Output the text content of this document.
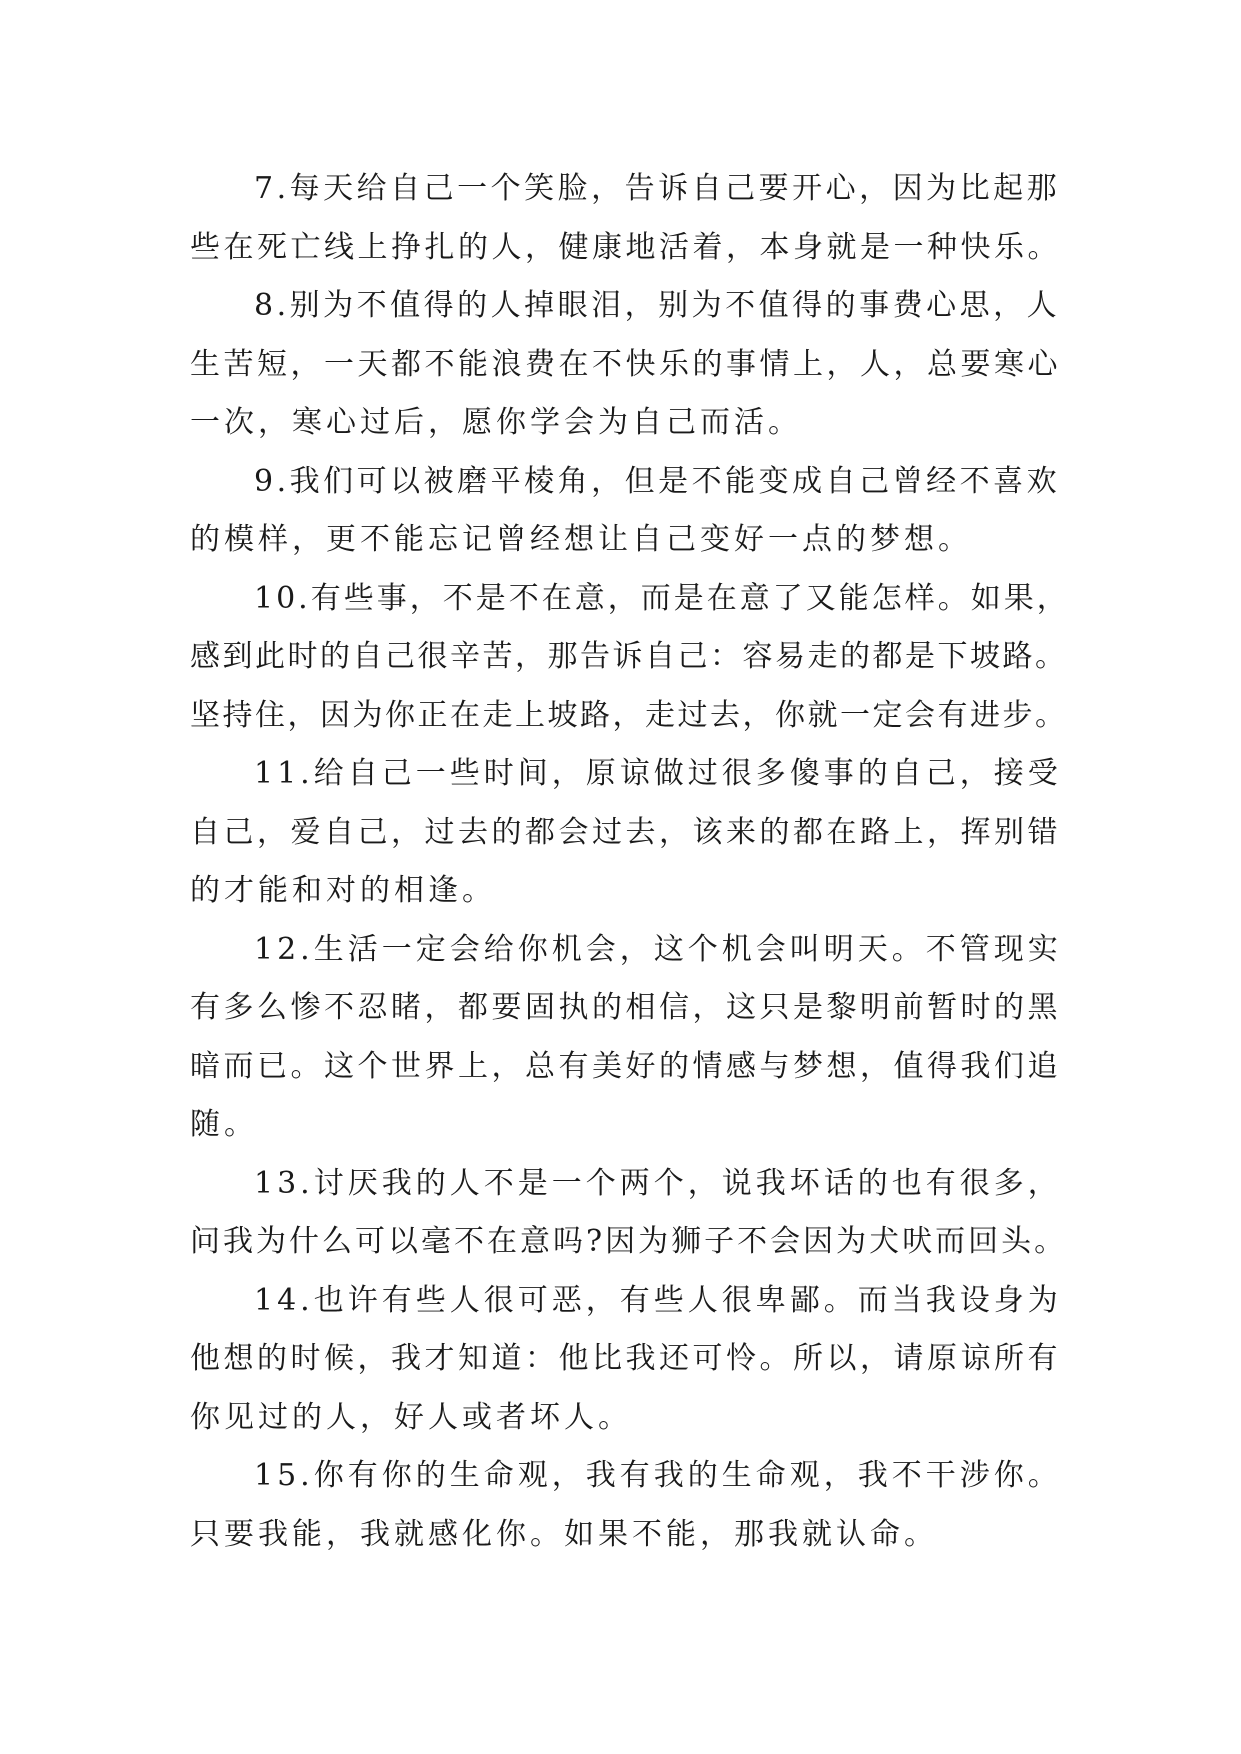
7.每天给自己一个笑脸，告诉自己要开心，因为比起那
些在死亡线上挣扎的人，健康地活着，本身就是一种快乐。

8.别为不值得的人掉眼泪，别为不值得的事费心思，人
生苦短，一天都不能浪费在不快乐的事情上，人，总要寒心
一次，寒心过后，愿你学会为自己而活。

9.我们可以被磨平棱角，但是不能变成自己曾经不喜欢
的模样，更不能忘记曾经想让自己变好一点的梦想。

10.有些事，不是不在意，而是在意了又能怎样。如果，
感到此时的自己很辛苦，那告诉自己：容易走的都是下坡路。
坚持住，因为你正在走上坡路，走过去，你就一定会有进步。

11.给自己一些时间，原谅做过很多傻事的自己，接受
自己，爱自己，过去的都会过去，该来的都在路上，挥别错
的才能和对的相逢。

12.生活一定会给你机会，这个机会叫明天。不管现实
有多么惨不忍睹，都要固执的相信，这只是黎明前暂时的黑
暗而已。这个世界上，总有美好的情感与梦想，值得我们追
随。

13.讨厌我的人不是一个两个，说我坏话的也有很多，
问我为什么可以毫不在意吗?因为狮子不会因为犬吠而回头。

14.也许有些人很可恶，有些人很卑鄙。而当我设身为
他想的时候，我才知道：他比我还可怜。所以，请原谅所有
你见过的人，好人或者坏人。

15.你有你的生命观，我有我的生命观，我不干涉你。
只要我能，我就感化你。如果不能，那我就认命。
